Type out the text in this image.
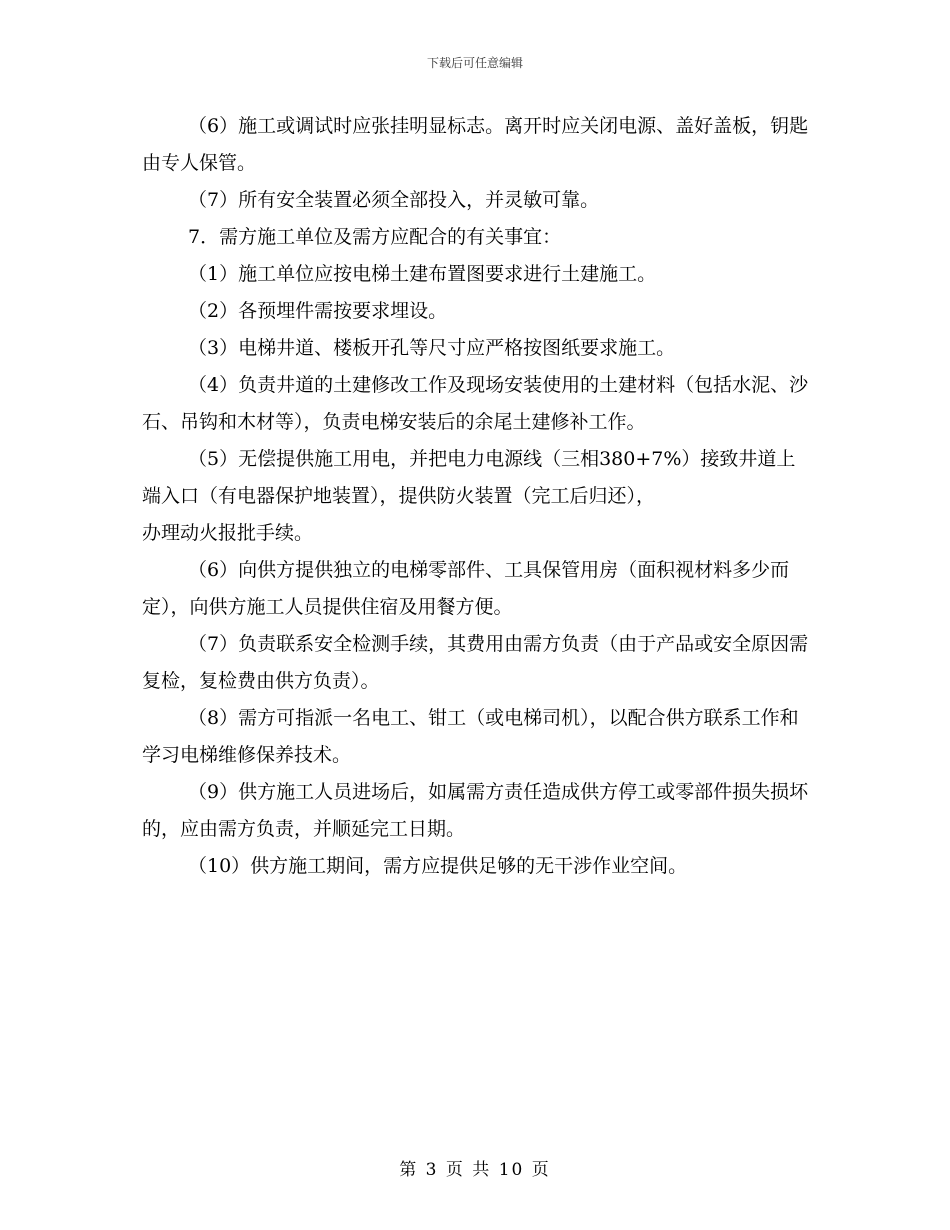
下载后可任意编辑

（6）施工或调试时应张挂明显标志。离开时应关闭电源、盖好盖板，钥匙由专人保管。

（7）所有安全装置必须全部投入，并灵敏可靠。

7．需方施工单位及需方应配合的有关事宜：

（1）施工单位应按电梯土建布置图要求进行土建施工。

（2）各预埋件需按要求埋设。

（3）电梯井道、楼板开孔等尺寸应严格按图纸要求施工。

（4）负责井道的土建修改工作及现场安装使用的土建材料（包括水泥、沙石、吊钩和木材等），负责电梯安装后的余尾土建修补工作。

（5）无偿提供施工用电，并把电力电源线（三相380+7%）接致井道上端入口（有电器保护地装置），提供防火装置（完工后归还），

办理动火报批手续。

（6）向供方提供独立的电梯零部件、工具保管用房（面积视材料多少而定），向供方施工人员提供住宿及用餐方便。

（7）负责联系安全检测手续，其费用由需方负责（由于产品或安全原因需复检，复检费由供方负责）。

（8）需方可指派一名电工、钳工（或电梯司机），以配合供方联系工作和学习电梯维修保养技术。

（9）供方施工人员进场后，如属需方责任造成供方停工或零部件损失损坏的，应由需方负责，并顺延完工日期。

（10）供方施工期间，需方应提供足够的无干涉作业空间。

第 3 页 共 10 页
